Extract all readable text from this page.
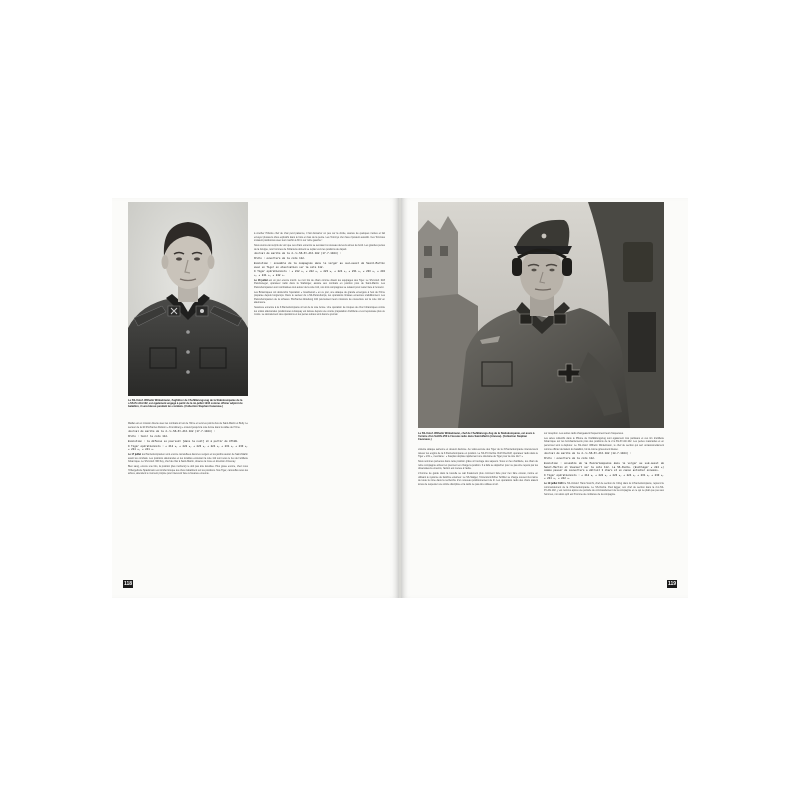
Le SS-Ustuf. Wilhelm Winkelmann, Zugführer de l'Aufklärungszug de la Stabskompanie de la s.SS-Pz.Abt.102, est également engagé à partir de la mi-juillet 1944 comme officier adjoint du bataillon, il sera blessé pendant les combats. (Collection Stephan Cazenave.)

Maillet est en mission directe avec les combats à l'est de l'Orne et vers les points clés de Saint-Martin et Bully. Le secteur de la 10.SS-Panzer-Division « Frundsberg » s'étend jusqu'à la voie ferrée dans la vallée de l'Orne.

Journal de marche de la 2./s.SS-Pz.Abt.102 (17.7.1944) :

Ordre : tenir la cote 112.

Exécution : la défense se poursuit [dans la nuit] et à partir de 07h00.

9 Tiger opérationnels : « 212 », « 222 », « 223 », « 224 », « 231 », « 233 », « 234 », « 241 ».

Le 17 juillet les Panzerkompanien sont encore camouflées dans les vergers et les jardins autour de Saint-Martin avant les combats. Les positions allemandes et les localités entourant la cote 112 sont sous le feu de l'artillerie britannique. Le SS-Ustuf. Will Fey, chef de char à Saint-Martin, observe la zone en direction d'Avenay.

Bien sang, encore une fois, la position [des mortiers] ne doit pas être dévoilée. Plus grave encore, chez nous l'Obergefreite Spackmann est tombé lorsque les obus s'abattirent sur les positions. Nos Tiger, camouflés sous les arbres, attendent le moment propice pour intervenir face à l'avance ennemie.

à cracher l'hiboire chef de char perd patience, il fait démarrer un peu sur la droite, avance de quelques mètres et fait envoyer plusieurs obus explosifs dans le bois en bas de la pente. Les Tommys d'en face ripostent aussitôt. Ces Tommies s'étaient positionnés avec leur machin à 30 m sur notre gauche !

Nous avons été surpris de voir que ces chars ennemis se servaient à nouveau de leurs armes de bord. Les grandes pertes de la Gruppe, nos hommes de l'infanterie doivent se replier vers les positions de départ.

Journal de marche de la 2./s.SS-Pz.Abt.102 (17.7.1944) :

Ordre : ouverture de la cote 112.

Exécution : ensemble de la compagnie dans le verger au sud-ouest de Saint-Martin avec un Tiger en observation sur la cote 112.

9 Tiger opérationnels : « 212 », « 222 », « 223 », « 224 », « 231 », « 233 », « 234 », « 241 », « 242 ».

Le 18 juillet est un jour encore inscrit. Le mot tiré de chars comme disant les équipages des Tiger. Le SS-Ustuf. Rolf Pancksnegel, opérateur radio dans la Stabstiger, assiste aux combats en position près de Saint-Martin. Les Panzerkompanien sont combattues tout autour de la cote 112, nos trois compagnies se relaient pour rester face à l'ennemi.

Les Britanniques ont déclenché l'opération « Goodwood » en ce jour, une attaque de grande envergure à l'est de l'Orne préparée depuis longtemps. Dans le secteur du s.SS-Panzerkorps, les opérations limitées ennemies s'additionnent. Les Panzerkompanien de la schwere SS-Panzer-Abteilung 102 poursuivent leurs missions de couverture sur la cote 112 en alternance.

l'avancée ennemie à la 3.Panzerkompanie à l'est de la voie ferrée. Une opération de troupes de choc britanniques contre les unités allemandes positionnées à Esquay est lancée depuis une courte préparation d'artillerie et est repoussée plus ou moins. Le déroulement des opérations et les pertes subies sont dans le journal.

118
Le SS-Ustuf. Wilhelm Winkelmann, chef de l'Aufklärungs-Zug de la Stabskompanie, est assis à l'arrière d'un Sd.Kfz.250 à l'écoute radio dans Saint-Martin (Annexe). (Collection Stephan Cazenave.)

violente attaque aérienne et devient décisive. Au vidéo-écoute des Tiger de la 3.Panzerkompanie interviennent rélever les engins de la 3.Panzerkompanie en position. Le SS-Pz.Oschia. Rolf Oberhoff, opérateur radio dans le Tiger « 231 », s'exclame : « Kauplan déploie rapidement une douzaine de Tiger pour la cote 112 ! »

Nous sommes parvenus dans cette position grâce à l'ouvrage des sapeurs. Sous un feu d'artillerie, les chars de notre compagnie arrivent et prennent en charge la position. Il a fallu se dépêcher pour ne pas être repéré par les observateurs ennemis, l'action est menée à l'aube.

L'homme de garde dans la tourelle se sait finalement plus comment faire pour rien faire écouté, même en utilisant le système de fantôme extérieur. Le SS-Stalger, l'Untersturmführer Schiller se charge souvent lui-même de toute la zone dans la recherche d'un nouveau positionnement de tir. Les opérations radio des chars étaient ténus de respecter une stricte discipline et la radio ne pas être utilisée à tort.

sur réception. Les autres radio changeaient fréquemment leurs fréquences.

Les actes collectifs dans le Plitone de l'Aufklärungszug sont également très partisans et ces tirs d'artillerie britannique sur les bombardements près des positions de la 2./s.SS-Pz.Abt.102. Les pertes matérielles et en personnel sont à déplorer. Le SS-Ustuf. Wilhelm Winkelmann, le chef de section qui sert occasionnellement comme officier de liaison du bataillon, fut lui-même grièvement blessé.

Journal de marche de la 2./s.SS-Pz.Abt.102 (18.7.1944) :

Ordre : ouverture de la cote 112.

Exécution : ensemble de la Panzerkompanie dans le verger au sud-ouest de Saint-Martin et Vaucourt sur la cote 112. La SS-Oscha. (Eschläger « 224 ») comme passer de couverture a détruit 3 chars et un canon antichar ennemis.

9 Tiger opérationnels : « 212 », « 222 », « 223 », « 224 », « 231 », « 233 », « 234 », « 242 ».

Le 19 juillet 1944 le SS-Untstuf. Hans Sonnhi, chef de section du II.Zug dans la 1.Panzerkompanie, reprend le commandement de la 3.Panzerkompanie. Le SS-Oscha. Paul Egger, son chef de section dans la 2./s.SS-Pz.Abt.102, y est nommé après une période de commandement de la compagnie et ce qui ne plaît que peu aux hommes, non alors qu'il est l'homme de confiance de la compagnie.

119
